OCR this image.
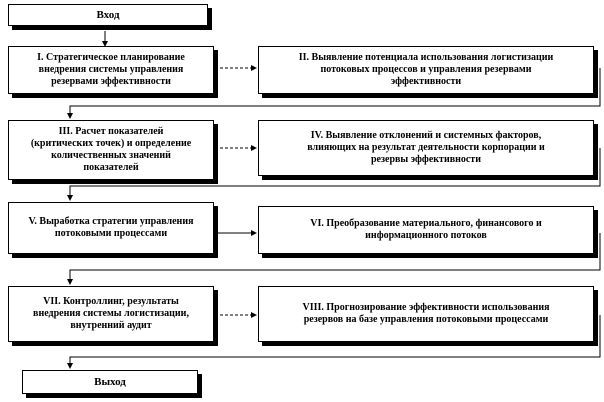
Вход
I. Стратегическое планирование
внедрения системы управления
резервами эффективности
II. Выявление потенциала использования логистизации
потоковых процессов и управления резервами
эффективности
III. Расчет показателей
(критических точек) и определение
количественных значений
показателей
IV. Выявление отклонений и системных факторов,
влияющих на результат деятельности корпорации и
резервы эффективности
V. Выработка стратегии управления
потоковыми процессами
VI. Преобразование материального, финансового и
информационного потоков
VII. Контроллинг, результаты
внедрения системы логистизации,
внутренний аудит
VIII. Прогнозирование эффективности использования
резервов на базе управления потоковыми процессами
Выход
